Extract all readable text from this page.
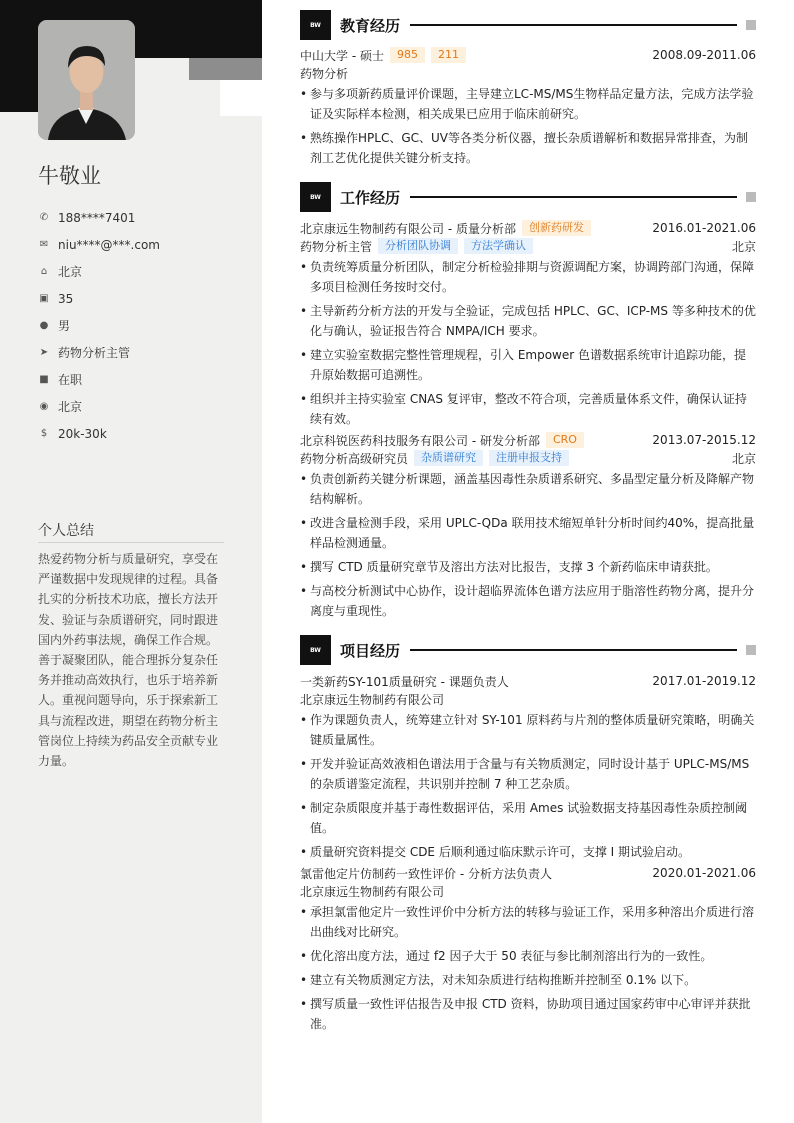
牛敬业
✆ 188****7401
✉ niu****@***.com
⌂ 北京
▣ 35
● 男
➤ 药物分析主管
■ 在职
◉ 北京
$ 20k-30k
个人总结
热爱药物分析与质量研究，享受在严谨数据中发现规律的过程。具备扎实的分析技术功底，擅长方法开发、验证与杂质谱研究，同时跟进国内外药事法规，确保工作合规。善于凝聚团队，能合理拆分复杂任务并推动高效执行，也乐于培养新人。重视问题导向，乐于探索新工具与流程改进，期望在药物分析主管岗位上持续为药品安全贡献专业力量。
BW	教育经历
中山大学 - 硕士	985	211	2008.09-2011.06
药物分析
• 参与多项新药质量评价课题，主导建立LC-MS/MS生物样品定量方法，完成方法学验证及实际样本检测，相关成果已应用于临床前研究。
• 熟练操作HPLC、GC、UV等各类分析仪器，擅长杂质谱解析和数据异常排查，为制剂工艺优化提供关键分析支持。
BW	工作经历
北京康远生物制药有限公司 - 质量分析部	创新药研发	2016.01-2021.06
药物分析主管	分析团队协调	方法学确认	北京
• 负责统筹质量分析团队，制定分析检验排期与资源调配方案，协调跨部门沟通，保障多项目检测任务按时交付。
• 主导新药分析方法的开发与全验证，完成包括 HPLC、GC、ICP-MS 等多种技术的优化与确认，验证报告符合 NMPA/ICH 要求。
• 建立实验室数据完整性管理规程，引入 Empower 色谱数据系统审计追踪功能，提升原始数据可追溯性。
• 组织并主持实验室 CNAS 复评审，整改不符合项，完善质量体系文件，确保认证持续有效。
北京科锐医药科技服务有限公司 - 研发分析部	CRO	2013.07-2015.12
药物分析高级研究员	杂质谱研究	注册申报支持	北京
• 负责创新药关键分析课题，涵盖基因毒性杂质谱系研究、多晶型定量分析及降解产物结构解析。
• 改进含量检测手段，采用 UPLC-QDa 联用技术缩短单针分析时间约40%，提高批量样品检测通量。
• 撰写 CTD 质量研究章节及溶出方法对比报告，支撑 3 个新药临床申请获批。
• 与高校分析测试中心协作，设计超临界流体色谱方法应用于脂溶性药物分离，提升分离度与重现性。
BW	项目经历
一类新药SY-101质量研究 - 课题负责人	2017.01-2019.12
北京康远生物制药有限公司
• 作为课题负责人，统筹建立针对 SY-101 原料药与片剂的整体质量研究策略，明确关键质量属性。
• 开发并验证高效液相色谱法用于含量与有关物质测定，同时设计基于 UPLC-MS/MS 的杂质谱鉴定流程，共识别并控制 7 种工艺杂质。
• 制定杂质限度并基于毒性数据评估，采用 Ames 试验数据支持基因毒性杂质控制阈值。
• 质量研究资料提交 CDE 后顺利通过临床默示许可，支撑 I 期试验启动。
氯雷他定片仿制药一致性评价 - 分析方法负责人	2020.01-2021.06
北京康远生物制药有限公司
• 承担氯雷他定片一致性评价中分析方法的转移与验证工作，采用多种溶出介质进行溶出曲线对比研究。
• 优化溶出度方法，通过 f2 因子大于 50 表征与参比制剂溶出行为的一致性。
• 建立有关物质测定方法，对未知杂质进行结构推断并控制至 0.1% 以下。
• 撰写质量一致性评估报告及申报 CTD 资料，协助项目通过国家药审中心审评并获批准。
